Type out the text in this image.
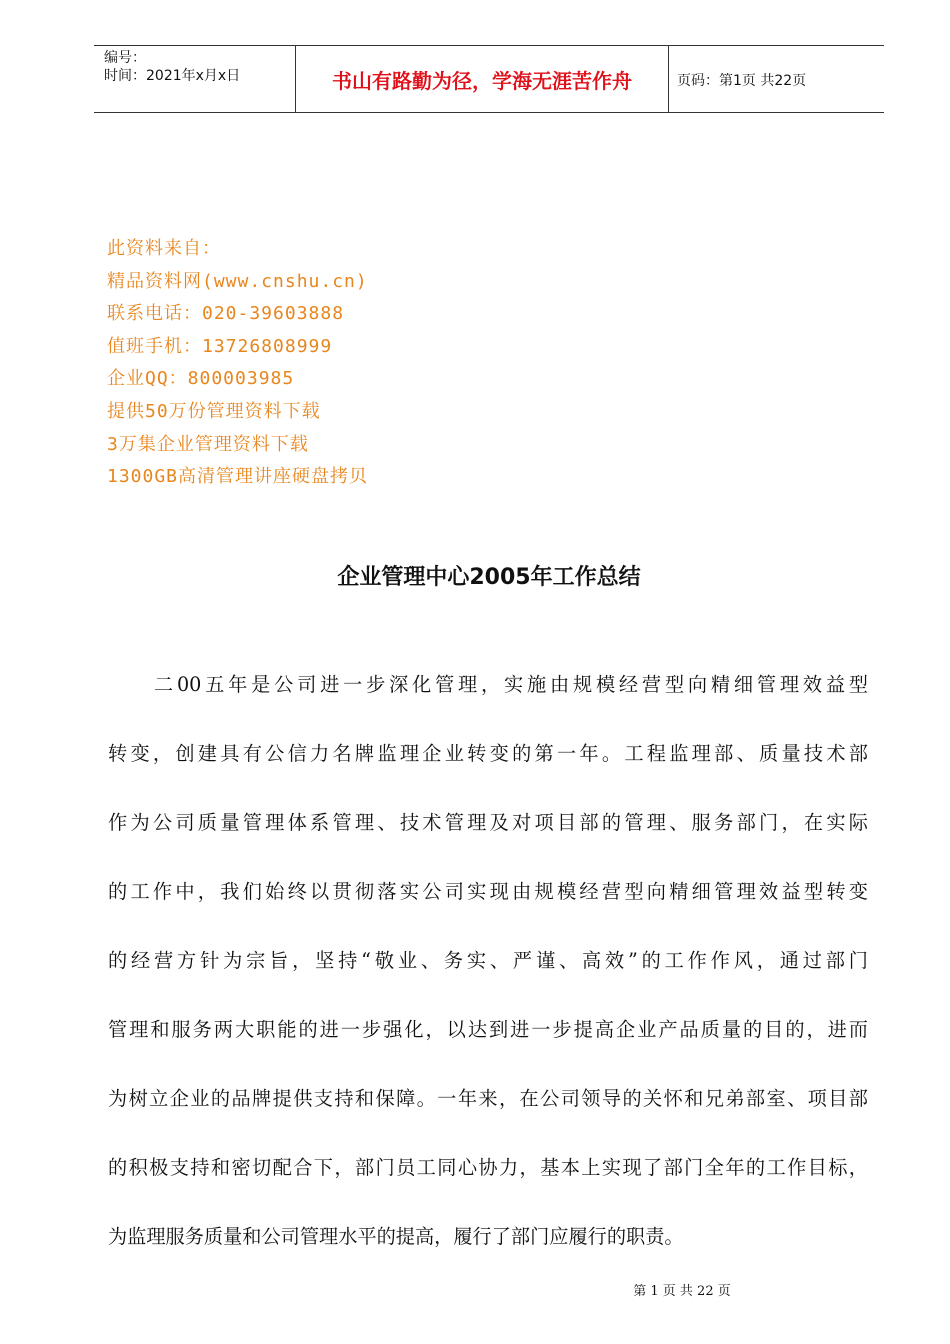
编号：
时间：2021年x月x日	书山有路勤为径，学海无涯苦作舟	页码：第1页 共22页
此资料来自：
精品资料网(www.cnshu.cn)
联系电话：020-39603888
值班手机：13726808999
企业QQ：800003985
提供50万份管理资料下载
3万集企业管理资料下载
1300GB高清管理讲座硬盘拷贝
企业管理中心2005年工作总结
　　二00五年是公司进一步深化管理，实施由规模经营型向精细管理效益型
转变，创建具有公信力名牌监理企业转变的第一年。工程监理部、质量技术部
作为公司质量管理体系管理、技术管理及对项目部的管理、服务部门，在实际
的工作中，我们始终以贯彻落实公司实现由规模经营型向精细管理效益型转变
的经营方针为宗旨，坚持“敬业、务实、严谨、高效”的工作作风，通过部门
管理和服务两大职能的进一步强化，以达到进一步提高企业产品质量的目的，进而
为树立企业的品牌提供支持和保障。一年来，在公司领导的关怀和兄弟部室、项目部
的积极支持和密切配合下，部门员工同心协力，基本上实现了部门全年的工作目标，
为监理服务质量和公司管理水平的提高，履行了部门应履行的职责。
第 1 页 共 22 页
